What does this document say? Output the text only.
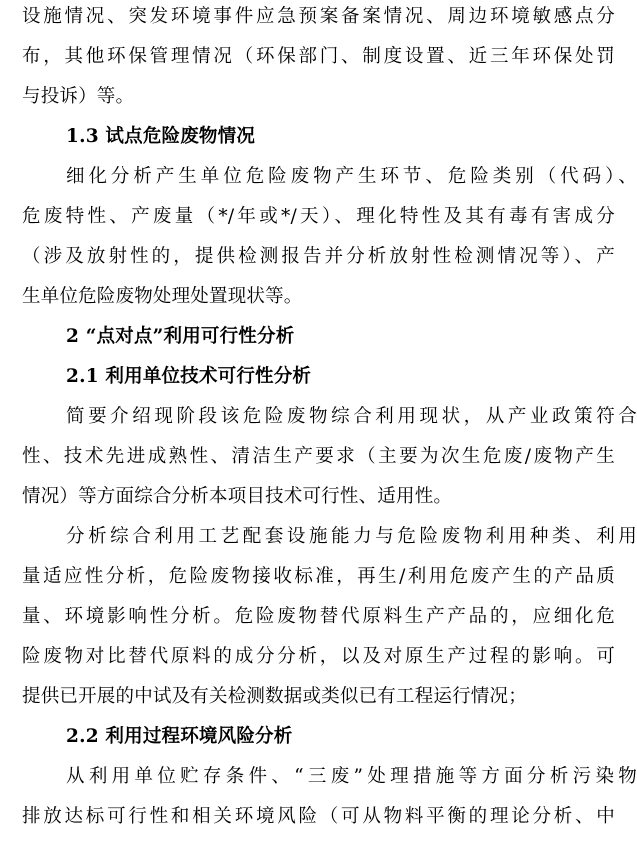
设施情况、突发环境事件应急预案备案情况、周边环境敏感点分
布，其他环保管理情况（环保部门、制度设置、近三年环保处罚
与投诉）等。
1.3 试点危险废物情况
细化分析产生单位危险废物产生环节、危险类别（代码）、
危废特性、产废量（*/年或*/天）、理化特性及其有毒有害成分
（涉及放射性的，提供检测报告并分析放射性检测情况等）、产
生单位危险废物处理处置现状等。
2 “点对点”利用可行性分析
2.1 利用单位技术可行性分析
简要介绍现阶段该危险废物综合利用现状，从产业政策符合
性、技术先进成熟性、清洁生产要求（主要为次生危废/废物产生
情况）等方面综合分析本项目技术可行性、适用性。
分析综合利用工艺配套设施能力与危险废物利用种类、利用
量适应性分析，危险废物接收标准，再生/利用危废产生的产品质
量、环境影响性分析。危险废物替代原料生产产品的，应细化危
险废物对比替代原料的成分分析，以及对原生产过程的影响。可
提供已开展的中试及有关检测数据或类似已有工程运行情况；
2.2 利用过程环境风险分析
从利用单位贮存条件、“三废”处理措施等方面分析污染物
排放达标可行性和相关环境风险（可从物料平衡的理论分析、中
